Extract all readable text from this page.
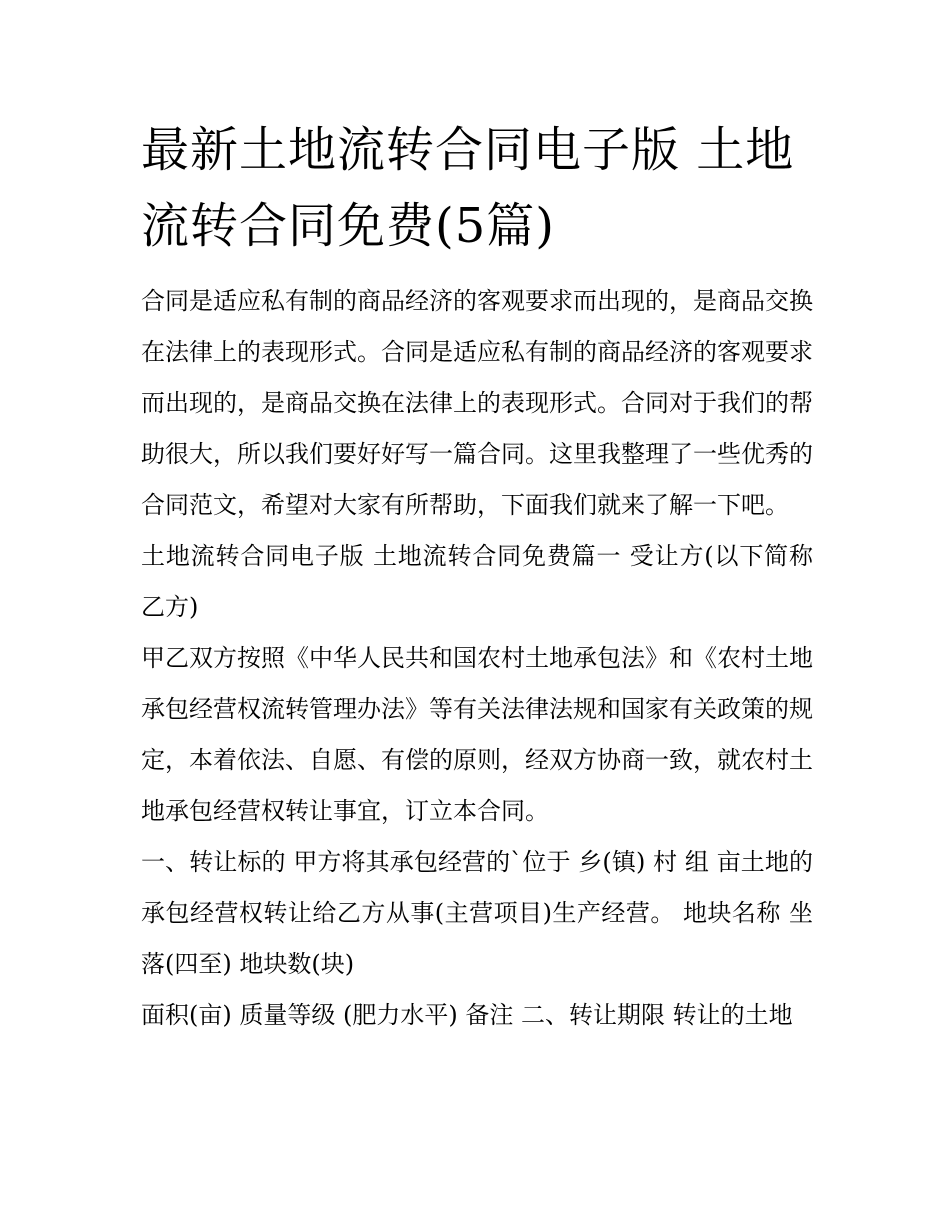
最新土地流转合同电子版 土地流转合同免费(5篇)

合同是适应私有制的商品经济的客观要求而出现的，是商品交换在法律上的表现形式。合同是适应私有制的商品经济的客观要求而出现的，是商品交换在法律上的表现形式。合同对于我们的帮助很大，所以我们要好好写一篇合同。这里我整理了一些优秀的合同范文，希望对大家有所帮助，下面我们就来了解一下吧。

土地流转合同电子版 土地流转合同免费篇一 受让方(以下简称乙方)

甲乙双方按照《中华人民共和国农村土地承包法》和《农村土地承包经营权流转管理办法》等有关法律法规和国家有关政策的规定，本着依法、自愿、有偿的原则，经双方协商一致，就农村土地承包经营权转让事宜，订立本合同。

一、转让标的 甲方将其承包经营的`位于 乡(镇) 村 组 亩土地的承包经营权转让给乙方从事(主营项目)生产经营。 地块名称 坐落(四至) 地块数(块)

面积(亩) 质量等级 (肥力水平) 备注 二、转让期限 转让的土地
